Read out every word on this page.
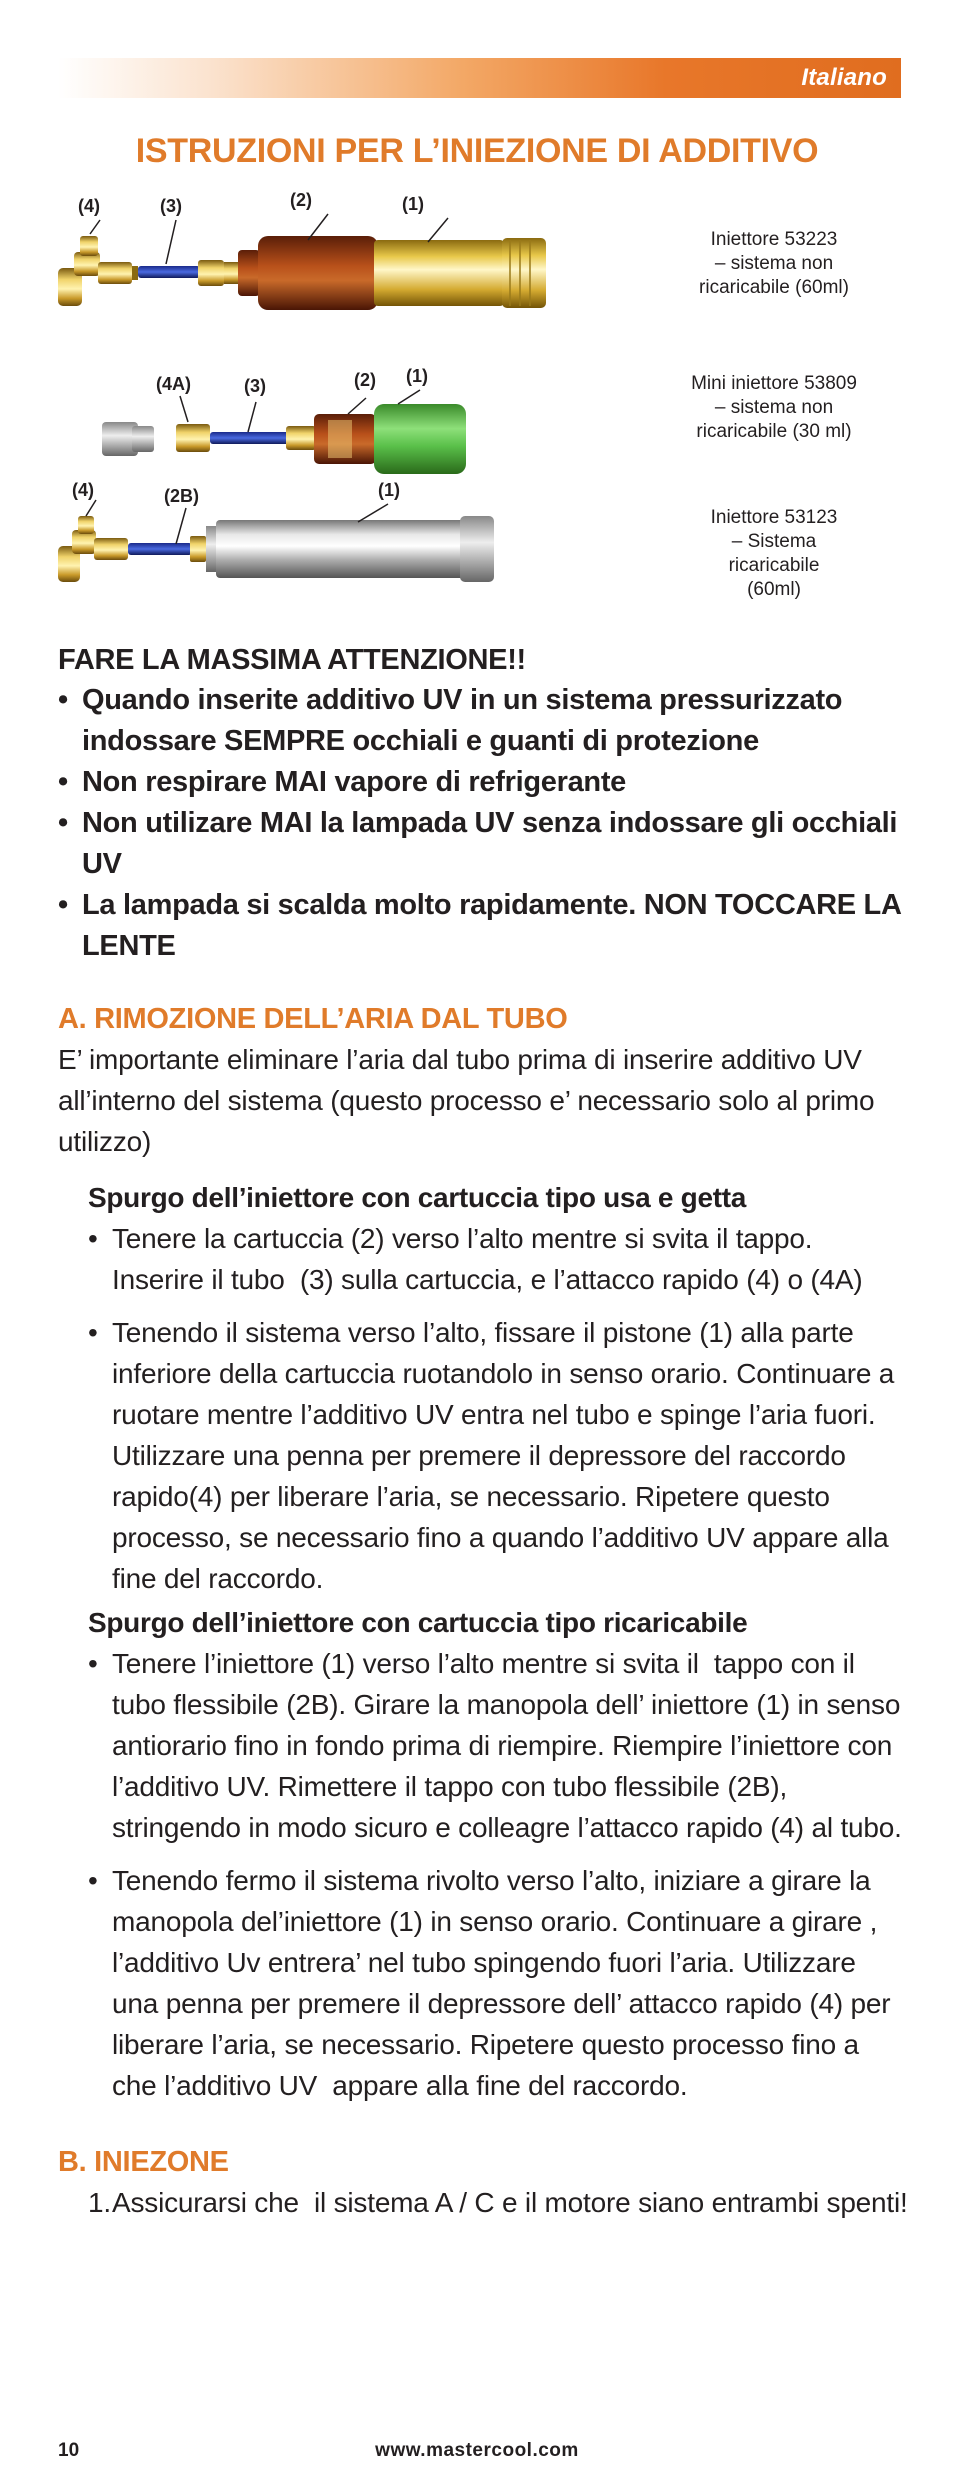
Italiano
ISTRUZIONI PER L’INIEZIONE DI ADDITIVO
(4)	(3)	(2)	(1)
Iniettore 53223
– sistema non
ricaricabile (60ml)
(4A)	(3)	(2) (1)	Mini iniettore 53809
– sistema non
ricaricabile (30 ml)
(4)	(2B)	(1)
Iniettore 53123
– Sistema
ricaricabile
(60ml)

FARE LA MASSIMA ATTENZIONE!!

• Quando inserite additivo UV in un sistema pressurizzato indossare SEMPRE occhiali e guanti di protezione
• Non respirare MAI vapore di refrigerante
• Non utilizare MAI la lampada UV senza indossare gli occhiali UV
• La lampada si scalda molto rapidamente. NON TOCCARE LA LENTE

A. RIMOZIONE DELL’ARIA DAL TUBO

E’ importante eliminare l’aria dal tubo prima di inserire additivo UV all’interno del sistema (questo processo e’ necessario solo al primo utilizzo)

Spurgo dell’iniettore con cartuccia tipo usa e getta

• Tenere la cartuccia (2) verso l’alto mentre si svita il tappo. Inserire il tubo  (3) sulla cartuccia, e l’attacco rapido (4) o (4A)
• Tenendo il sistema verso l’alto, fissare il pistone (1) alla parte inferiore della cartuccia ruotandolo in senso orario. Continuare a ruotare mentre l’additivo UV entra nel tubo e spinge l’aria fuori. Utilizzare una penna per premere il depressore del raccordo rapido(4) per liberare l’aria, se necessario. Ripetere questo processo, se necessario fino a quando l’additivo UV appare alla fine del raccordo.

Spurgo dell’iniettore con cartuccia tipo ricaricabile

• Tenere l’iniettore (1) verso l’alto mentre si svita il  tappo con il tubo flessibile (2B). Girare la manopola dell’ iniettore (1) in senso antiorario fino in fondo prima di riempire. Riempire l’iniettore con l’additivo UV. Rimettere il tappo con tubo flessibile (2B), stringendo in modo sicuro e colleagre l’attacco rapido (4) al tubo.
• Tenendo fermo il sistema rivolto verso l’alto, iniziare a girare la manopola del’iniettore (1) in senso orario. Continuare a girare , l’additivo Uv entrera’ nel tubo spingendo fuori l’aria. Utilizzare una penna per premere il depressore dell’ attacco rapido (4) per liberare l’aria, se necessario. Ripetere questo processo fino a che l’additivo UV  appare alla fine del raccordo.

B. INIEZONE

1. Assicurarsi che  il sistema A / C e il motore siano entrambi spenti!
10	www.mastercool.com
